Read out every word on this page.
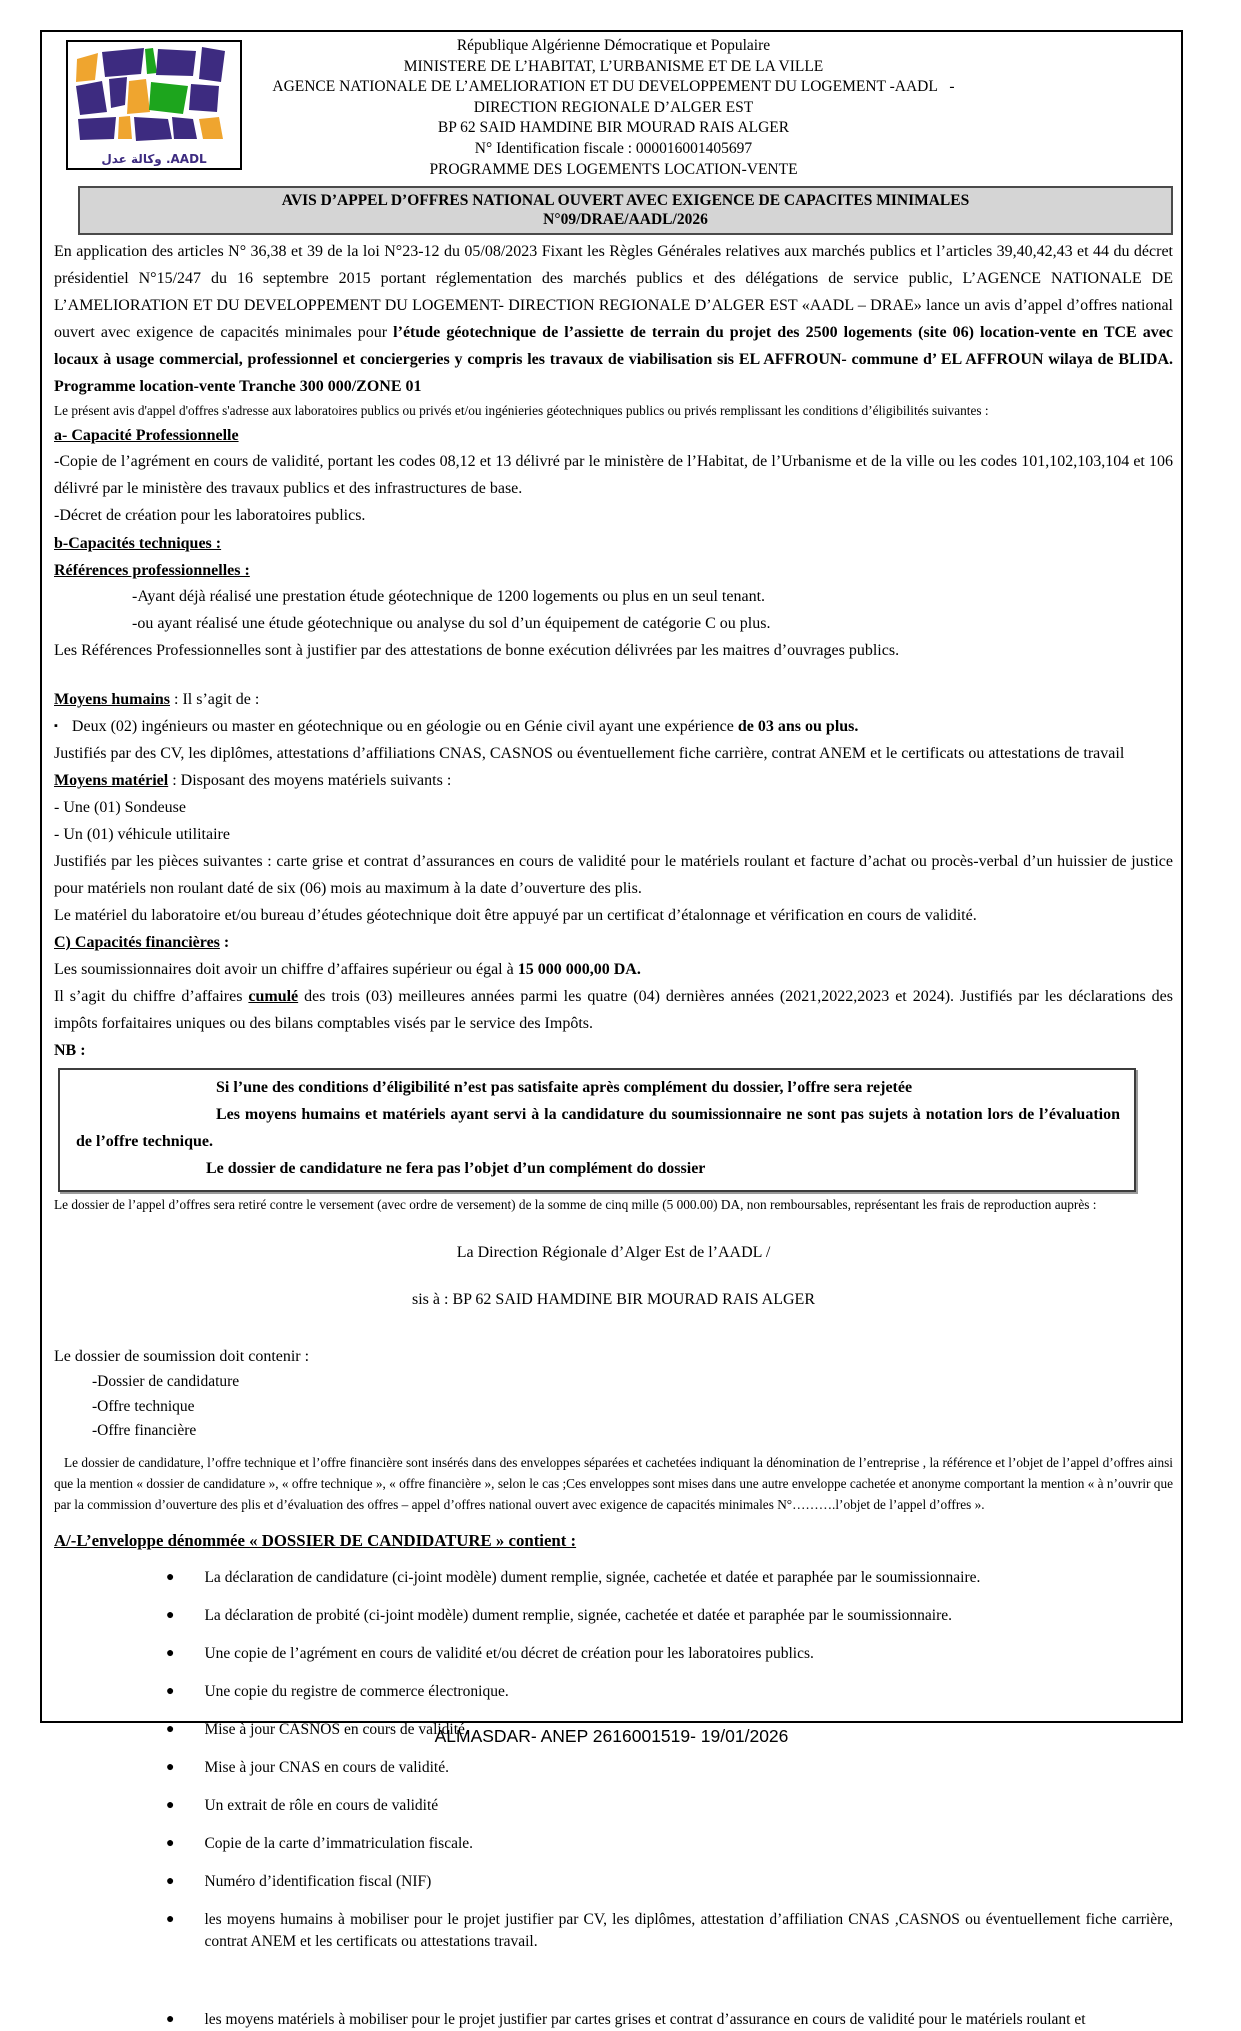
وكالة عدل .AADL
République Algérienne Démocratique et Populaire
MINISTERE DE L’HABITAT, L’URBANISME ET DE LA VILLE
AGENCE NATIONALE DE L’AMELIORATION ET DU DEVELOPPEMENT DU LOGEMENT -AADL   -
DIRECTION REGIONALE D’ALGER EST
BP 62 SAID HAMDINE BIR MOURAD RAIS ALGER
N° Identification fiscale : 000016001405697
PROGRAMME DES LOGEMENTS LOCATION-VENTE
AVIS D’APPEL D’OFFRES NATIONAL OUVERT AVEC EXIGENCE DE CAPACITES MINIMALES
N°09/DRAE/AADL/2026

En application des articles N° 36,38 et 39 de la loi N°23-12 du 05/08/2023 Fixant les Règles Générales relatives aux marchés publics et l’articles 39,40,42,43 et 44 du décret présidentiel N°15/247 du 16 septembre 2015 portant réglementation des marchés publics et des délégations de service public, L’AGENCE NATIONALE DE L’AMELIORATION ET DU DEVELOPPEMENT DU LOGEMENT- DIRECTION REGIONALE D’ALGER EST «AADL – DRAE» lance un avis d’appel d’offres national ouvert avec exigence de capacités minimales pour l’étude géotechnique de l’assiette de terrain du projet des 2500 logements (site 06) location-vente en TCE avec locaux à usage commercial, professionnel et conciergeries y compris les travaux de viabilisation sis EL AFFROUN- commune d’ EL AFFROUN wilaya de BLIDA. Programme location-vente Tranche 300 000/ZONE 01

Le présent avis d'appel d'offres s'adresse aux laboratoires publics ou privés et/ou ingénieries géotechniques publics ou privés remplissant les conditions d’éligibilités suivantes :

a- Capacité Professionnelle

-Copie de l’agrément en cours de validité, portant les codes 08,12 et 13 délivré par le ministère de l’Habitat, de l’Urbanisme et de la ville ou les codes 101,102,103,104 et 106 délivré par le ministère des travaux publics et des infrastructures de base.

-Décret de création pour les laboratoires publics.

b-Capacités techniques :

Références professionnelles :

-Ayant déjà réalisé une prestation étude géotechnique de 1200 logements ou plus en un seul tenant.

-ou ayant réalisé une étude géotechnique ou analyse du sol d’un équipement de catégorie C ou plus.

Les Références Professionnelles sont à justifier par des attestations de bonne exécution délivrées par les maitres d’ouvrages publics.

Moyens humains : Il s’agit de :

▪ Deux (02) ingénieurs ou master en géotechnique ou en géologie ou en Génie civil ayant une expérience de 03 ans ou plus.

Justifiés par des CV, les diplômes, attestations d’affiliations CNAS, CASNOS ou éventuellement fiche carrière, contrat ANEM et le certificats ou attestations de travail

Moyens matériel : Disposant des moyens matériels suivants :

- Une (01) Sondeuse

- Un (01) véhicule utilitaire

Justifiés par les pièces suivantes : carte grise et contrat d’assurances en cours de validité pour le matériels roulant et facture d’achat ou procès-verbal d’un huissier de justice pour matériels non roulant daté de six (06) mois au maximum à la date d’ouverture des plis.

Le matériel du laboratoire et/ou bureau d’études géotechnique doit être appuyé par un certificat d’étalonnage et vérification en cours de validité.

C) Capacités financières :

Les soumissionnaires doit avoir un chiffre d’affaires supérieur ou égal à 15 000 000,00 DA.

Il s’agit du chiffre d’affaires cumulé des trois (03) meilleures années parmi les quatre (04) dernières années (2021,2022,2023 et 2024). Justifiés par les déclarations des impôts forfaitaires uniques ou des bilans comptables visés par le service des Impôts.

NB :

Si l’une des conditions d’éligibilité n’est pas satisfaite après complément du dossier, l’offre sera rejetée

Les moyens humains et matériels ayant servi à la candidature du soumissionnaire ne sont pas sujets à notation lors de l’évaluation de l’offre technique.

Le dossier de candidature ne fera pas l’objet d’un complément do dossier

Le dossier de l’appel d’offres sera retiré contre le versement (avec ordre de versement) de la somme de cinq mille (5 000.00) DA, non remboursables, représentant les frais de reproduction auprès :

La Direction Régionale d’Alger Est de l’AADL /

sis à : BP 62 SAID HAMDINE BIR MOURAD RAIS ALGER

Le dossier de soumission doit contenir :

-Dossier de candidature
-Offre technique
-Offre financière

Le dossier de candidature, l’offre technique et l’offre financière sont insérés dans des enveloppes séparées et cachetées indiquant la dénomination de l’entreprise , la référence et l’objet de l’appel d’offres ainsi que la mention « dossier de candidature », « offre technique », « offre financière », selon le cas ;Ces enveloppes sont mises dans une autre enveloppe cachetée et anonyme comportant la mention « à n’ouvrir que par la commission d’ouverture des plis et d’évaluation des offres – appel d’offres national ouvert avec exigence de capacités minimales N°……….l’objet de l’appel d’offres ».

A/-L’enveloppe dénommée « DOSSIER DE CANDIDATURE » contient :

● La déclaration de candidature (ci-joint modèle) dument remplie, signée, cachetée et datée et paraphée par le soumissionnaire.
● La déclaration de probité (ci-joint modèle) dument remplie, signée, cachetée et datée et paraphée par le soumissionnaire.
● Une copie de l’agrément en cours de validité et/ou décret de création pour les laboratoires publics.
● Une copie du registre de commerce électronique.
● Mise à jour CASNOS en cours de validité.
● Mise à jour CNAS en cours de validité.
● Un extrait de rôle en cours de validité
● Copie de la carte d’immatriculation fiscale.
● Numéro d’identification fiscal (NIF)
● les moyens humains à mobiliser pour le projet justifier par CV, les diplômes, attestation d’affiliation CNAS ,CASNOS ou éventuellement fiche carrière, contrat ANEM et les certificats ou attestations travail.
● les moyens matériels à mobiliser pour le projet justifier par cartes grises et contrat d’assurance en cours de validité pour le matériels roulant et
ALMASDAR- ANEP 2616001519- 19/01/2026
